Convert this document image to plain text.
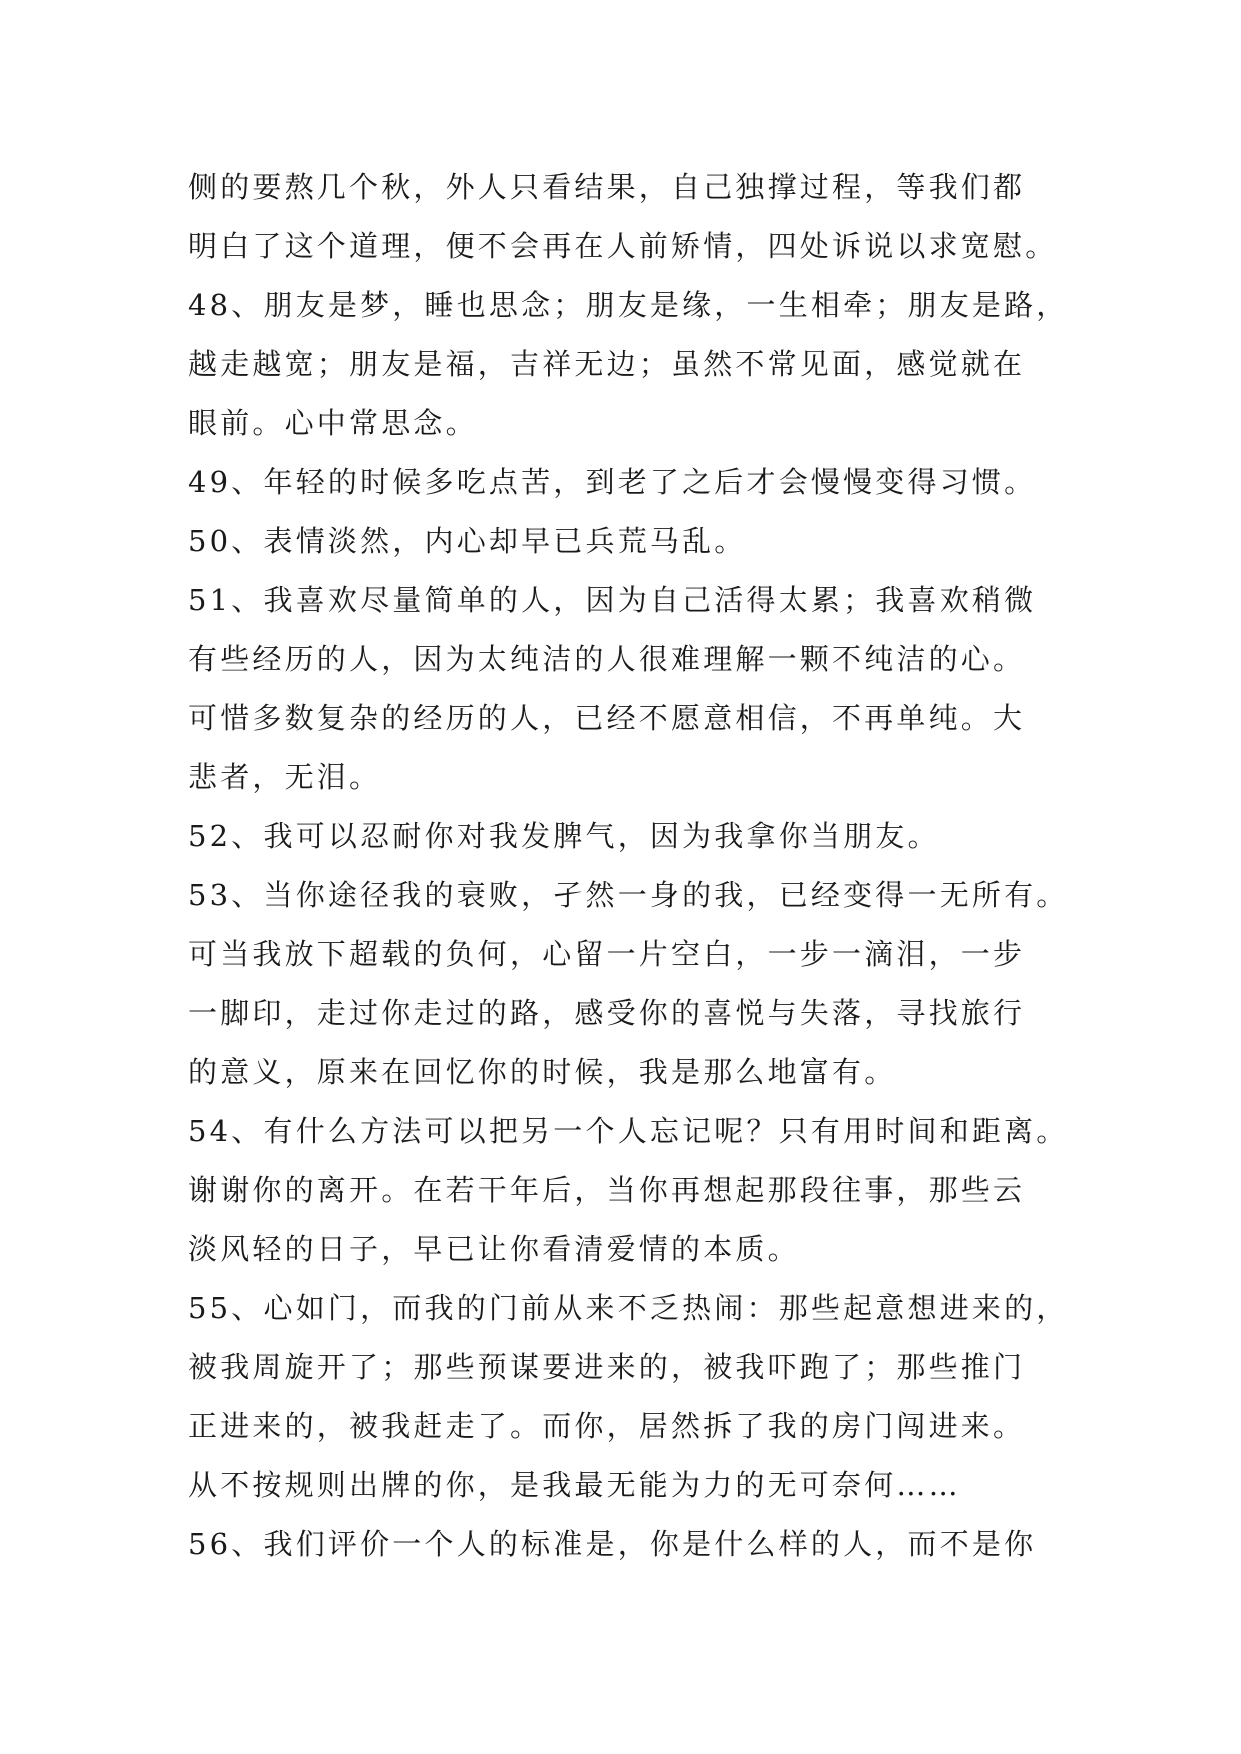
侧的要熬几个秋，外人只看结果，自己独撑过程，等我们都
明白了这个道理，便不会再在人前矫情，四处诉说以求宽慰。
48、朋友是梦，睡也思念；朋友是缘，一生相牵；朋友是路，
越走越宽；朋友是福，吉祥无边；虽然不常见面，感觉就在
眼前。心中常思念。
49、年轻的时候多吃点苦，到老了之后才会慢慢变得习惯。
50、表情淡然，内心却早已兵荒马乱。
51、我喜欢尽量简单的人，因为自己活得太累；我喜欢稍微
有些经历的人，因为太纯洁的人很难理解一颗不纯洁的心。
可惜多数复杂的经历的人，已经不愿意相信，不再单纯。大
悲者，无泪。
52、我可以忍耐你对我发脾气，因为我拿你当朋友。
53、当你途径我的衰败，孑然一身的我，已经变得一无所有。
可当我放下超载的负何，心留一片空白，一步一滴泪，一步
一脚印，走过你走过的路，感受你的喜悦与失落，寻找旅行
的意义，原来在回忆你的时候，我是那么地富有。
54、有什么方法可以把另一个人忘记呢？只有用时间和距离。
谢谢你的离开。在若干年后，当你再想起那段往事，那些云
淡风轻的日子，早已让你看清爱情的本质。
55、心如门，而我的门前从来不乏热闹：那些起意想进来的，
被我周旋开了；那些预谋要进来的，被我吓跑了；那些推门
正进来的，被我赶走了。而你，居然拆了我的房门闯进来。
从不按规则出牌的你，是我最无能为力的无可奈何……
56、我们评价一个人的标准是，你是什么样的人，而不是你
